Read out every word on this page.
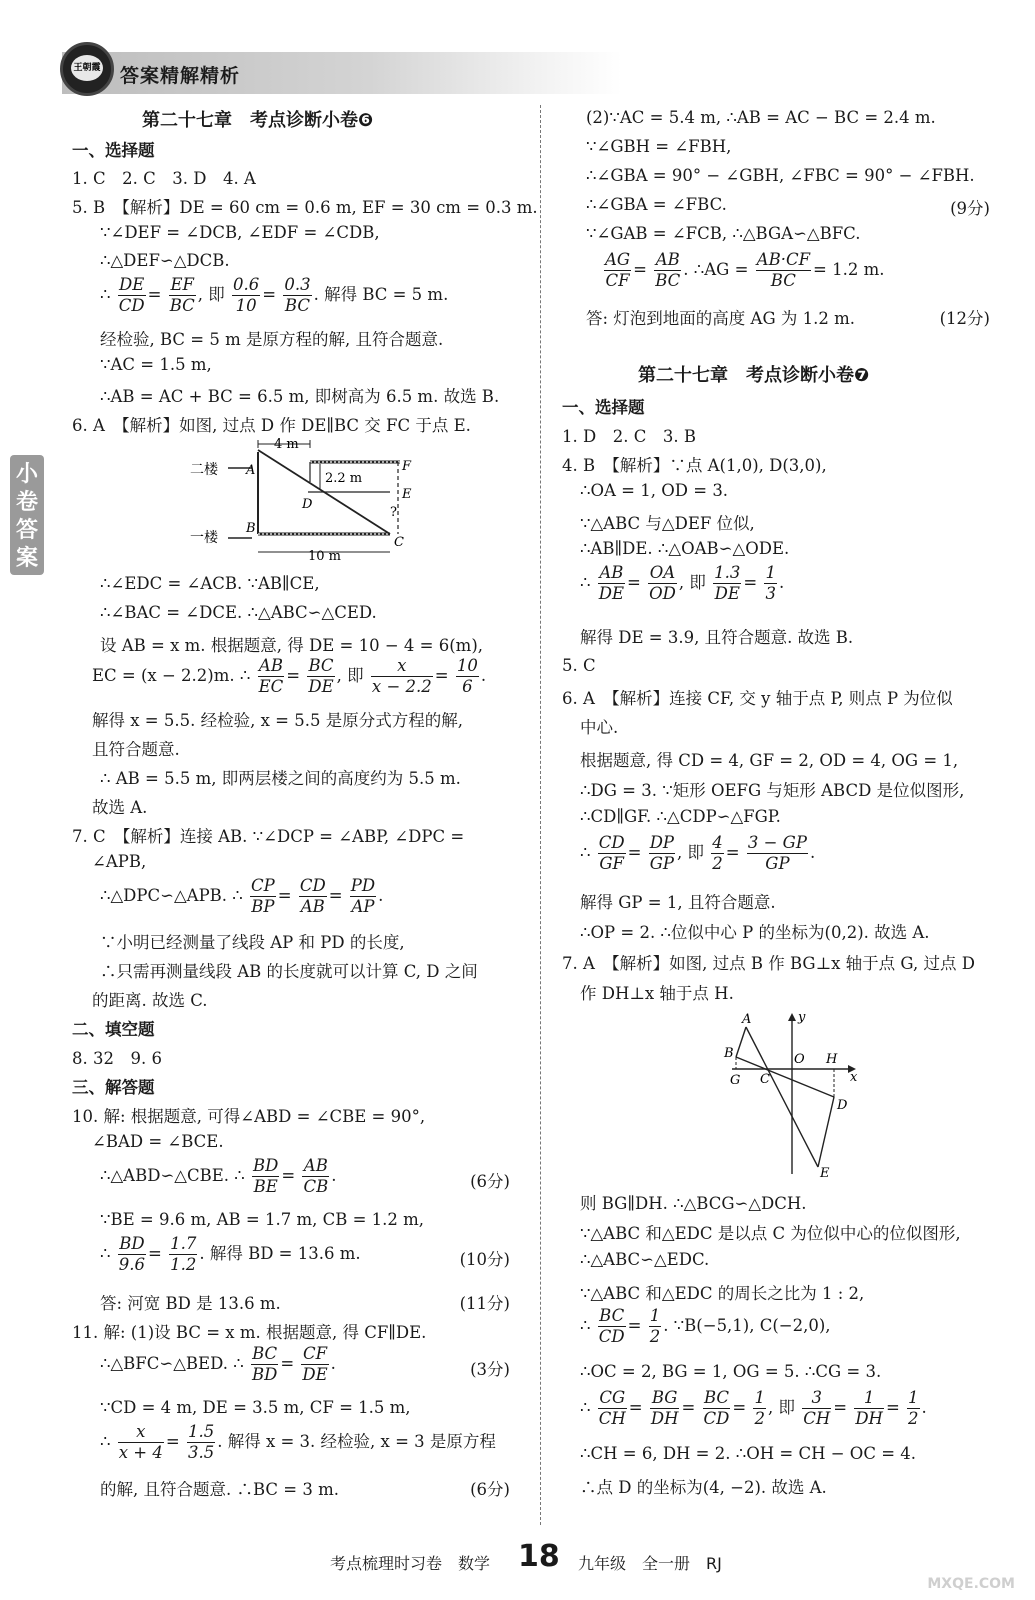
王朝霞 答案精解精析
小卷答案
第二十七章　考点诊断小卷❻
一、选择题
1. C　2. C　3. D　4. A
5. B　【解析】DE = 60 cm = 0.6 m, EF = 30 cm = 0.3 m.
∵∠DEF = ∠DCB, ∠EDF = ∠CDB,
∴△DEF∽△DCB.
∴ $\frac{DE}{CD} = \frac{EF}{BC}$ , 即 $\frac{0.6}{10} = \frac{0.3}{BC}$ . 解得 BC = 5 m.
经检验, BC = 5 m 是原方程的解, 且符合题意.
∵AC = 1.5 m,
∴AB = AC + BC = 6.5 m, 即树高为 6.5 m. 故选 B.
6. A　【解析】如图, 过点 D 作 DE∥BC 交 FC 于点 E.
二楼
一楼
4 m
2.2 m
10 m
A
B
C
D
E
F
?
∴∠EDC = ∠ACB. ∵AB∥CE,
∴∠BAC = ∠DCE. ∴△ABC∽△CED.
设 AB = x m. 根据题意, 得 DE = 10 − 4 = 6(m),
EC = (x − 2.2)m. ∴ $\frac{AB}{EC} = \frac{BC}{DE}$ , 即 $\frac{x}{x - 2.2} = \frac{10}{6}$ .
解得 x = 5.5. 经检验, x = 5.5 是原分式方程的解,
且符合题意.
∴ AB = 5.5 m, 即两层楼之间的高度约为 5.5 m.
故选 A.
7. C　【解析】连接 AB. ∵∠DCP = ∠ABP, ∠DPC =
∠APB,
∴△DPC∽△APB. ∴ $\frac{CP}{BP} = \frac{CD}{AB} = \frac{PD}{AP}$ .
∵小明已经测量了线段 AP 和 PD 的长度,
∴只需再测量线段 AB 的长度就可以计算 C, D 之间
的距离. 故选 C.
二、填空题
8. 32　9. 6
三、解答题
10. 解: 根据题意, 可得∠ABD = ∠CBE = 90°,
∠BAD = ∠BCE.
∴△ABD∽△CBE. ∴ $\frac{BD}{BE} = \frac{AB}{CB}$ .	(6分)
∵BE = 9.6 m, AB = 1.7 m, CB = 1.2 m,
∴ $\frac{BD}{9.6} = \frac{1.7}{1.2}$ . 解得 BD = 13.6 m.	(10分)
答: 河宽 BD 是 13.6 m.	(11分)
11. 解: (1)设 BC = x m. 根据题意, 得 CF∥DE.
∴△BFC∽△BED. ∴ $\frac{BC}{BD} = \frac{CF}{DE}$ .	(3分)
∵CD = 4 m, DE = 3.5 m, CF = 1.5 m,
∴ $\frac{x}{x + 4} = \frac{1.5}{3.5}$ . 解得 x = 3. 经检验, x = 3 是原方程
的解, 且符合题意. ∴BC = 3 m.	(6分)
(2)∵AC = 5.4 m, ∴AB = AC − BC = 2.4 m.
∵∠GBH = ∠FBH,
∴∠GBA = 90° − ∠GBH, ∠FBC = 90° − ∠FBH.
∴∠GBA = ∠FBC.	(9分)
∵∠GAB = ∠FCB, ∴△BGA∽△BFC.
$\frac{AG}{CF} = \frac{AB}{BC}$ . ∴AG = $\frac{AB\cdot CF}{BC} = 1.2$ m.
答: 灯泡到地面的高度 AG 为 1.2 m.	(12分)
第二十七章　考点诊断小卷❼
一、选择题
1. D　2. C　3. B
4. B　【解析】∵点 A(1,0), D(3,0),
∴OA = 1, OD = 3.
∵△ABC 与△DEF 位似,
∴AB∥DE. ∴△OAB∽△ODE.
∴ $\frac{AB}{DE} = \frac{OA}{OD}$ , 即 $\frac{1.3}{DE} = \frac{1}{3}$ .
解得 DE = 3.9, 且符合题意. 故选 B.
5. C
6. A　【解析】连接 CF, 交 y 轴于点 P, 则点 P 为位似
中心.
根据题意, 得 CD = 4, GF = 2, OD = 4, OG = 1,
∴DG = 3. ∵矩形 OEFG 与矩形 ABCD 是位似图形,
∴CD∥GF. ∴△CDP∽△FGP.
∴ $\frac{CD}{GF} = \frac{DP}{GP}$ , 即 $\frac{4}{2} = \frac{3 - GP}{GP}$ .
解得 GP = 1, 且符合题意.
∴OP = 2. ∴位似中心 P 的坐标为(0,2). 故选 A.
7. A　【解析】如图, 过点 B 作 BG⊥x 轴于点 G, 过点 D
作 DH⊥x 轴于点 H.
A
B
C
D
E
G
H
O
x
y
则 BG∥DH. ∴△BCG∽△DCH.
∵△ABC 和△EDC 是以点 C 为位似中心的位似图形,
∴△ABC∽△EDC.
∵△ABC 和△EDC 的周长之比为 1 : 2,
∴ $\frac{BC}{CD} = \frac{1}{2}$ . ∵B(−5,1), C(−2,0),
∴OC = 2, BG = 1, OG = 5. ∴CG = 3.
∴ $\frac{CG}{CH} = \frac{BG}{DH} = \frac{BC}{CD} = \frac{1}{2}$ , 即 $\frac{3}{CH} = \frac{1}{DH} = \frac{1}{2}$ .
∴CH = 6, DH = 2. ∴OH = CH − OC = 4.
∴点 D 的坐标为(4, −2). 故选 A.
考点梳理时习卷　数学 18 九年级　全一册　RJ
MXQE.COM
